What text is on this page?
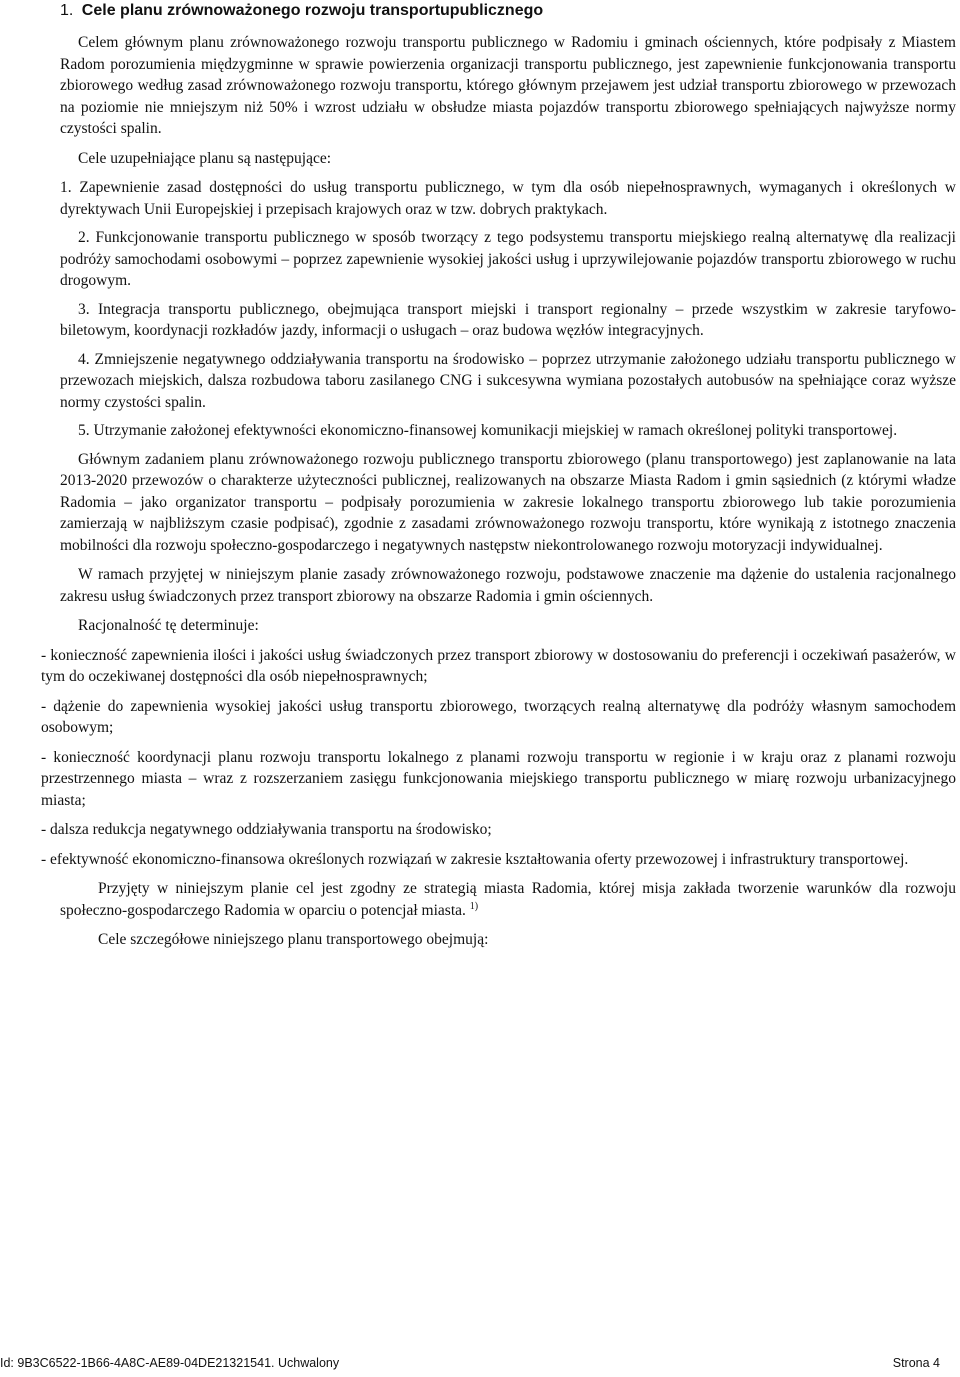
1. Cele planu zrównoważonego rozwoju transportupublicznego

Celem głównym planu zrównoważonego rozwoju transportu publicznego w Radomiu i gminach ościennych, które podpisały z Miastem Radom porozumienia międzygminne w sprawie powierzenia organizacji transportu publicznego, jest zapewnienie funkcjonowania transportu zbiorowego według zasad zrównoważonego rozwoju transportu, którego głównym przejawem jest udział transportu zbiorowego w przewozach na poziomie nie mniejszym niż 50% i wzrost udziału w obsłudze miasta pojazdów transportu zbiorowego spełniających najwyższe normy czystości spalin.

Cele uzupełniające planu są następujące:

1. Zapewnienie zasad dostępności do usług transportu publicznego, w tym dla osób niepełnosprawnych, wymaganych i określonych w dyrektywach Unii Europejskiej i przepisach krajowych oraz w tzw. dobrych praktykach.

2. Funkcjonowanie transportu publicznego w sposób tworzący z tego podsystemu transportu miejskiego realną alternatywę dla realizacji podróży samochodami osobowymi – poprzez zapewnienie wysokiej jakości usług i uprzywilejowanie pojazdów transportu zbiorowego w ruchu drogowym.

3. Integracja transportu publicznego, obejmująca transport miejski i transport regionalny – przede wszystkim w zakresie taryfowo-biletowym, koordynacji rozkładów jazdy, informacji o usługach – oraz budowa węzłów integracyjnych.

4. Zmniejszenie negatywnego oddziaływania transportu na środowisko – poprzez utrzymanie założonego udziału transportu publicznego w przewozach miejskich, dalsza rozbudowa taboru zasilanego CNG i sukcesywna wymiana pozostałych autobusów na spełniające coraz wyższe normy czystości spalin.

5. Utrzymanie założonej efektywności ekonomiczno-finansowej komunikacji miejskiej w ramach określonej polityki transportowej.

Głównym zadaniem planu zrównoważonego rozwoju publicznego transportu zbiorowego (planu transportowego) jest zaplanowanie na lata 2013-2020 przewozów o charakterze użyteczności publicznej, realizowanych na obszarze Miasta Radom i gmin sąsiednich (z którymi władze Radomia – jako organizator transportu – podpisały porozumienia w zakresie lokalnego transportu zbiorowego lub takie porozumienia zamierzają w najbliższym czasie podpisać), zgodnie z zasadami zrównoważonego rozwoju transportu, które wynikają z istotnego znaczenia mobilności dla rozwoju społeczno-gospodarczego i negatywnych następstw niekontrolowanego rozwoju motoryzacji indywidualnej.

W ramach przyjętej w niniejszym planie zasady zrównoważonego rozwoju, podstawowe znaczenie ma dążenie do ustalenia racjonalnego zakresu usług świadczonych przez transport zbiorowy na obszarze Radomia i gmin ościennych.

Racjonalność tę determinuje:

- konieczność zapewnienia ilości i jakości usług świadczonych przez transport zbiorowy w dostosowaniu do preferencji i oczekiwań pasażerów, w tym do oczekiwanej dostępności dla osób niepełnosprawnych;

- dążenie do zapewnienia wysokiej jakości usług transportu zbiorowego, tworzących realną alternatywę dla podróży własnym samochodem osobowym;

- konieczność koordynacji planu rozwoju transportu lokalnego z planami rozwoju transportu w regionie i w kraju oraz z planami rozwoju przestrzennego miasta – wraz z rozszerzaniem zasięgu funkcjonowania miejskiego transportu publicznego w miarę rozwoju urbanizacyjnego miasta;

- dalsza redukcja negatywnego oddziaływania transportu na środowisko;

- efektywność ekonomiczno-finansowa określonych rozwiązań w zakresie kształtowania oferty przewozowej i infrastruktury transportowej.

Przyjęty w niniejszym planie cel jest zgodny ze strategią miasta Radomia, której misja zakłada tworzenie warunków dla rozwoju społeczno-gospodarczego Radomia w oparciu o potencjał miasta. $^{1)}$

Cele szczegółowe niniejszego planu transportowego obejmują:

Id: 9B3C6522-1B66-4A8C-AE89-04DE21321541. Uchwalony	Strona 4
